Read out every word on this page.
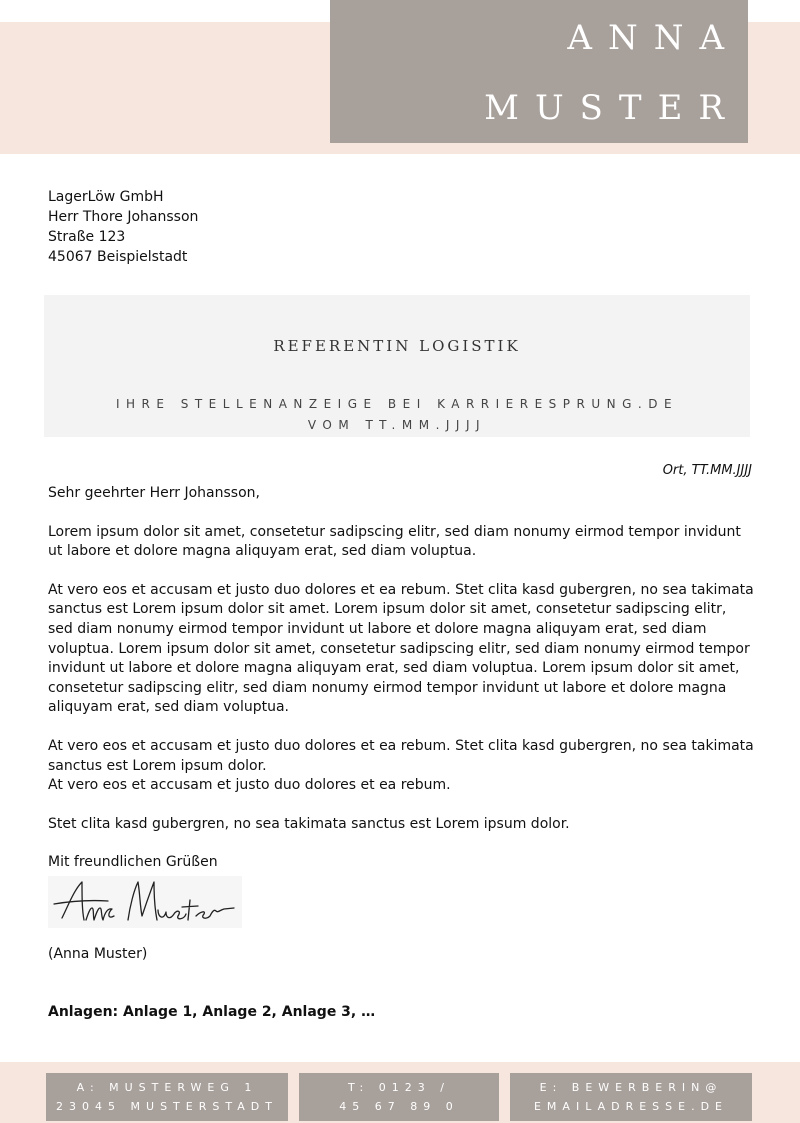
ANNA
MUSTER
LagerLöw GmbH
Herr Thore Johansson
Straße 123
45067 Beispielstadt
REFERENTIN LOGISTIK
IHRE STELLENANZEIGE BEI KARRIERESPRUNG.DE
VOM TT.MM.JJJJ
Ort, TT.MM.JJJJ

Sehr geehrter Herr Johansson,

Lorem ipsum dolor sit amet, consetetur sadipscing elitr, sed diam nonumy eirmod tempor invidunt ut labore et dolore magna aliquyam erat, sed diam voluptua.

At vero eos et accusam et justo duo dolores et ea rebum. Stet clita kasd gubergren, no sea takimata sanctus est Lorem ipsum dolor sit amet. Lorem ipsum dolor sit amet, consetetur sadipscing elitr, sed diam nonumy eirmod tempor invidunt ut labore et dolore magna aliquyam erat, sed diam voluptua. Lorem ipsum dolor sit amet, consetetur sadipscing elitr, sed diam nonumy eirmod tempor invidunt ut labore et dolore magna aliquyam erat, sed diam voluptua. Lorem ipsum dolor sit amet, consetetur sadipscing elitr, sed diam nonumy eirmod tempor invidunt ut labore et dolore magna aliquyam erat, sed diam voluptua.

At vero eos et accusam et justo duo dolores et ea rebum. Stet clita kasd gubergren, no sea takimata sanctus est Lorem ipsum dolor.

At vero eos et accusam et justo duo dolores et ea rebum.

Stet clita kasd gubergren, no sea takimata sanctus est Lorem ipsum dolor.

Mit freundlichen Grüßen

(Anna Muster)
Anlagen: Anlage 1, Anlage 2, Anlage 3, …
A: MUSTERWEG 1
23045 MUSTERSTADT
T: 0123 /
45 67 89 0
E: BEWERBERIN@
EMAILADRESSE.DE
